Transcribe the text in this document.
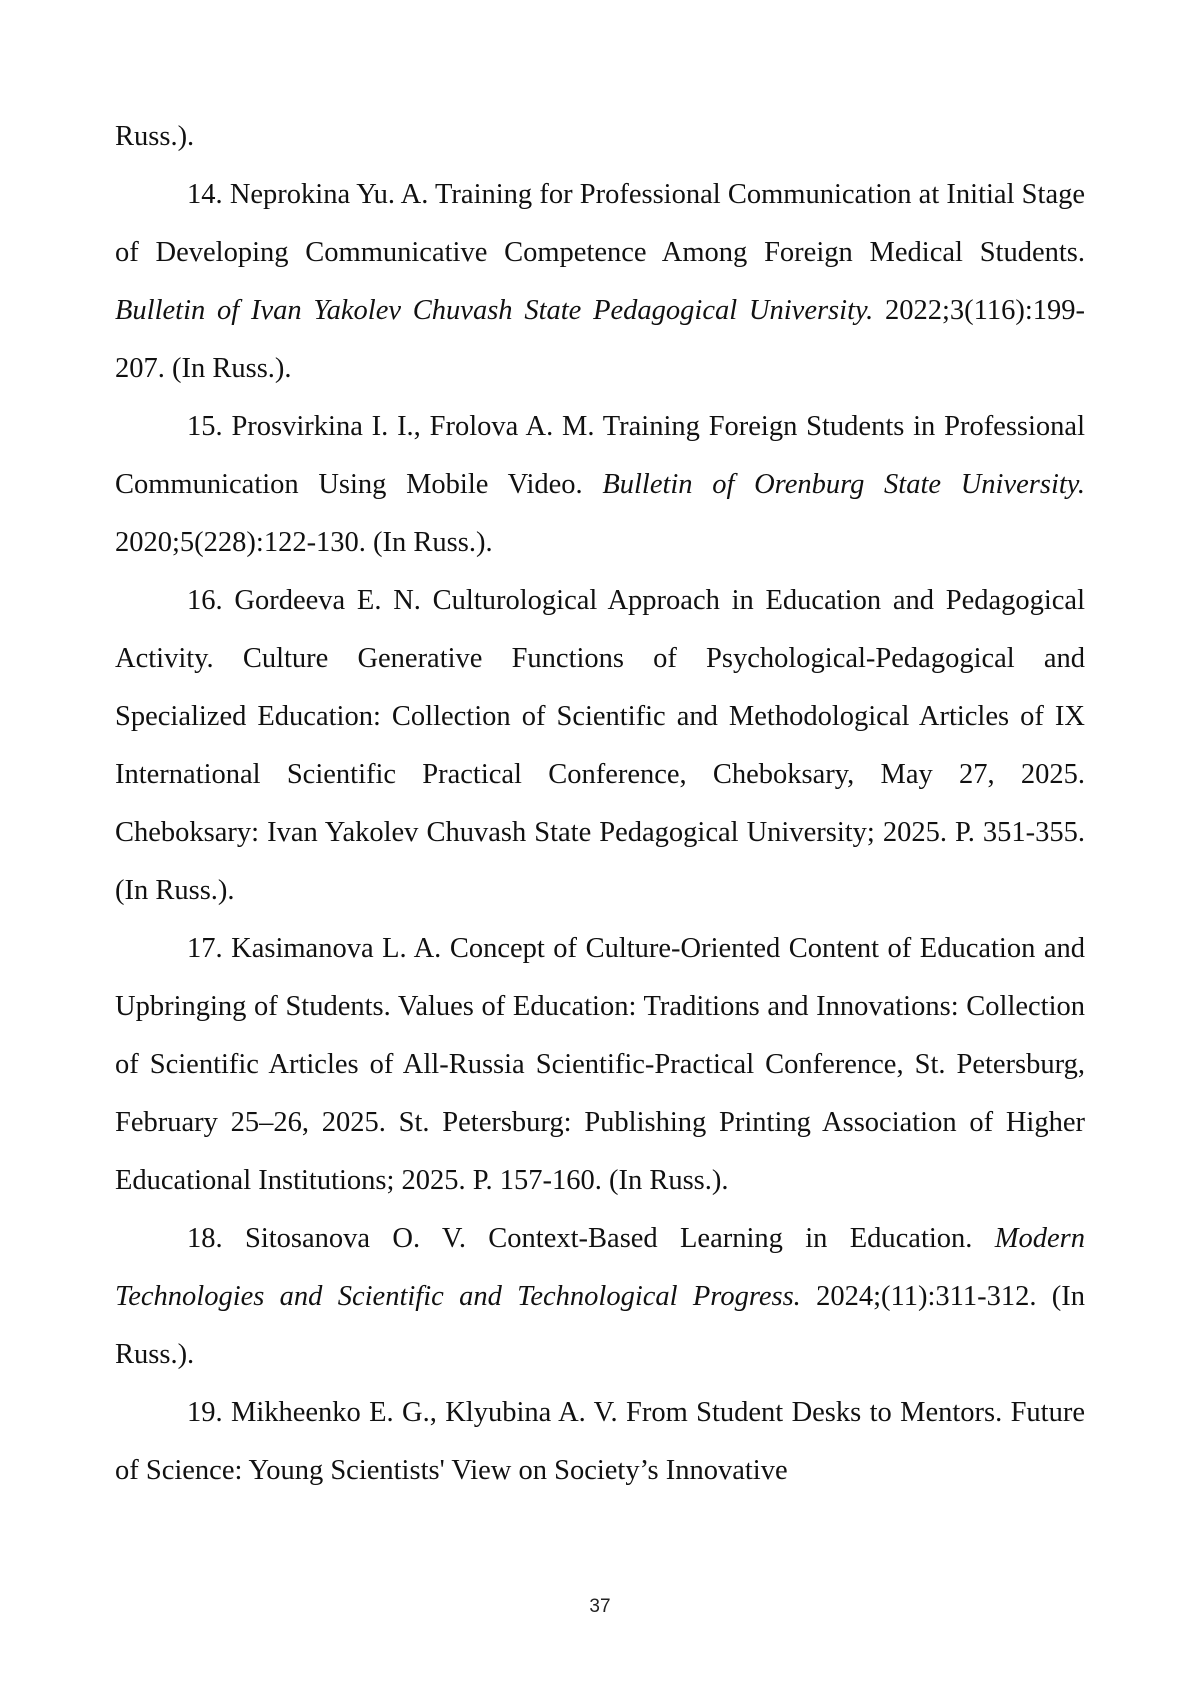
Russ.).

14. Neprokina Yu. A. Training for Professional Communication at Initial Stage of Developing Communicative Competence Among Foreign Medical Students. Bulletin of Ivan Yakolev Chuvash State Pedagogical University. 2022;3(116):199-207. (In Russ.).

15. Prosvirkina I. I., Frolova A. M. Training Foreign Students in Professional Communication Using Mobile Video. Bulletin of Orenburg State University. 2020;5(228):122-130. (In Russ.).

16. Gordeeva E. N. Culturological Approach in Education and Pedagogical Activity. Culture Generative Functions of Psychological-Pedagogical and Specialized Education: Collection of Scientific and Methodological Articles of IX International Scientific Practical Conference, Cheboksary, May 27, 2025. Cheboksary: Ivan Yakolev Chuvash State Pedagogical University; 2025. P. 351-355. (In Russ.).

17. Kasimanova L. A. Concept of Culture-Oriented Content of Education and Upbringing of Students. Values of Education: Traditions and Innovations: Collection of Scientific Articles of All-Russia Scientific-Practical Conference, St. Petersburg, February 25–26, 2025. St. Petersburg: Publishing Printing Association of Higher Educational Institutions; 2025. P. 157-160. (In Russ.).

18. Sitosanova O. V. Context-Based Learning in Education. Modern Technologies and Scientific and Technological Progress. 2024;(11):311-312. (In Russ.).

19. Mikheenko E. G., Klyubina A. V. From Student Desks to Mentors. Future of Science: Young Scientists' View on Society’s Innovative

37
